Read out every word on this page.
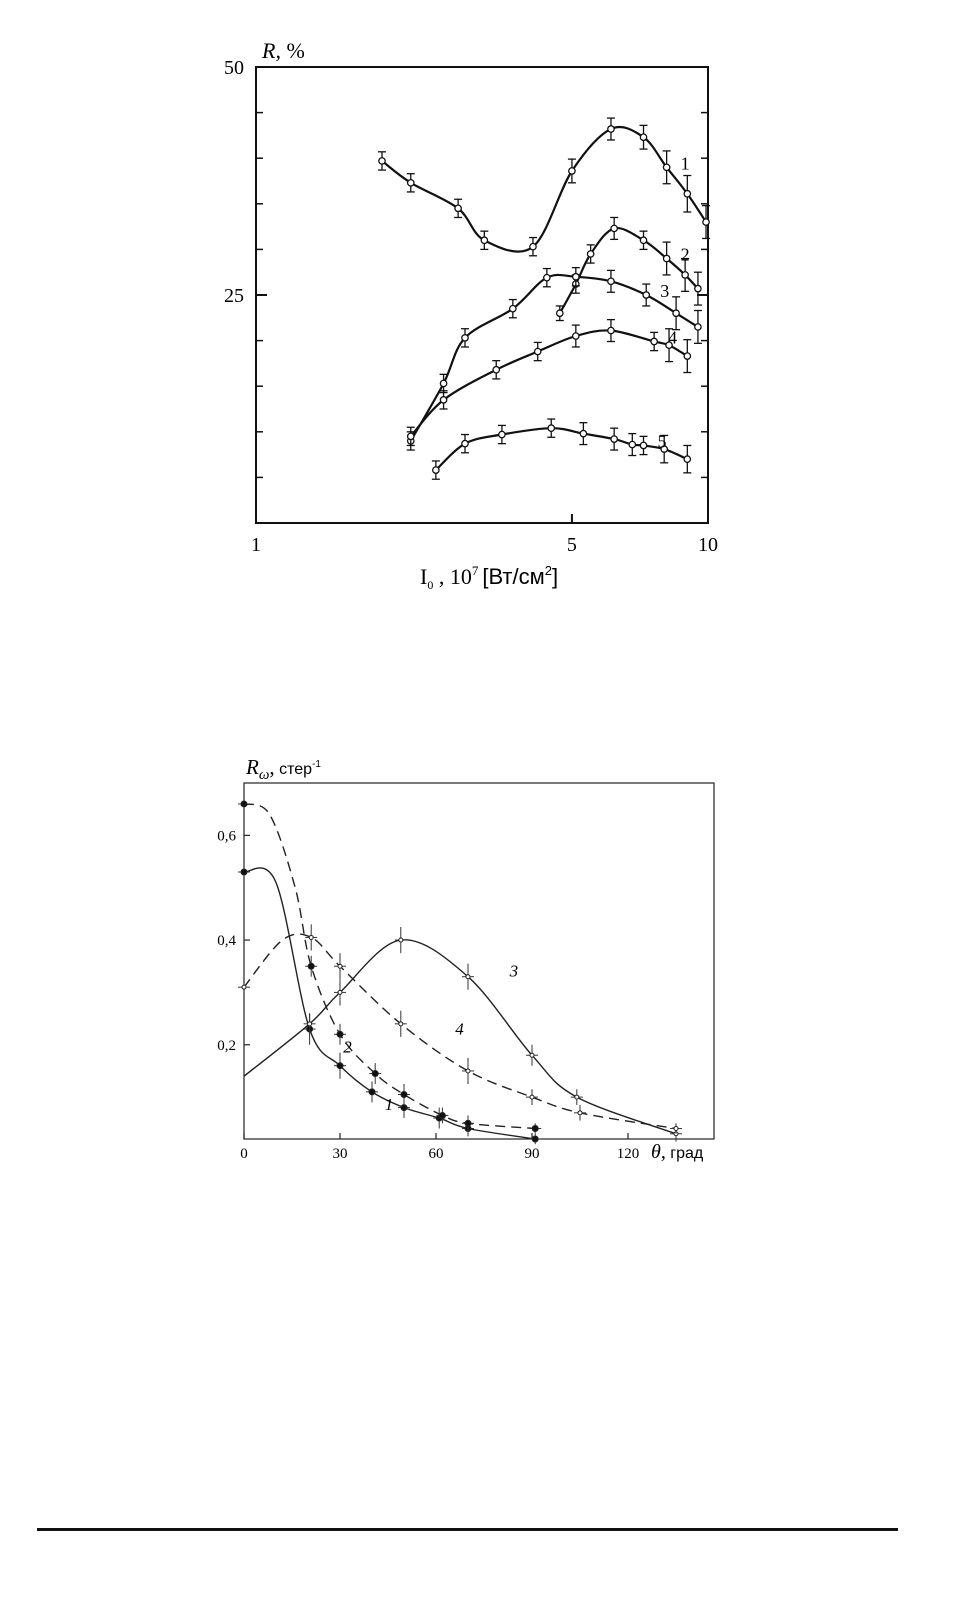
1
2
3
4
5
25
50
1	5	10
R, %
$I_0$ , $10^7$ $[Вт/см^2]$
1
2
3
4
0,2
0,4
0,6
0	30	60	90	120
$R_\omega$, стер$^{-1}$
θ, град
